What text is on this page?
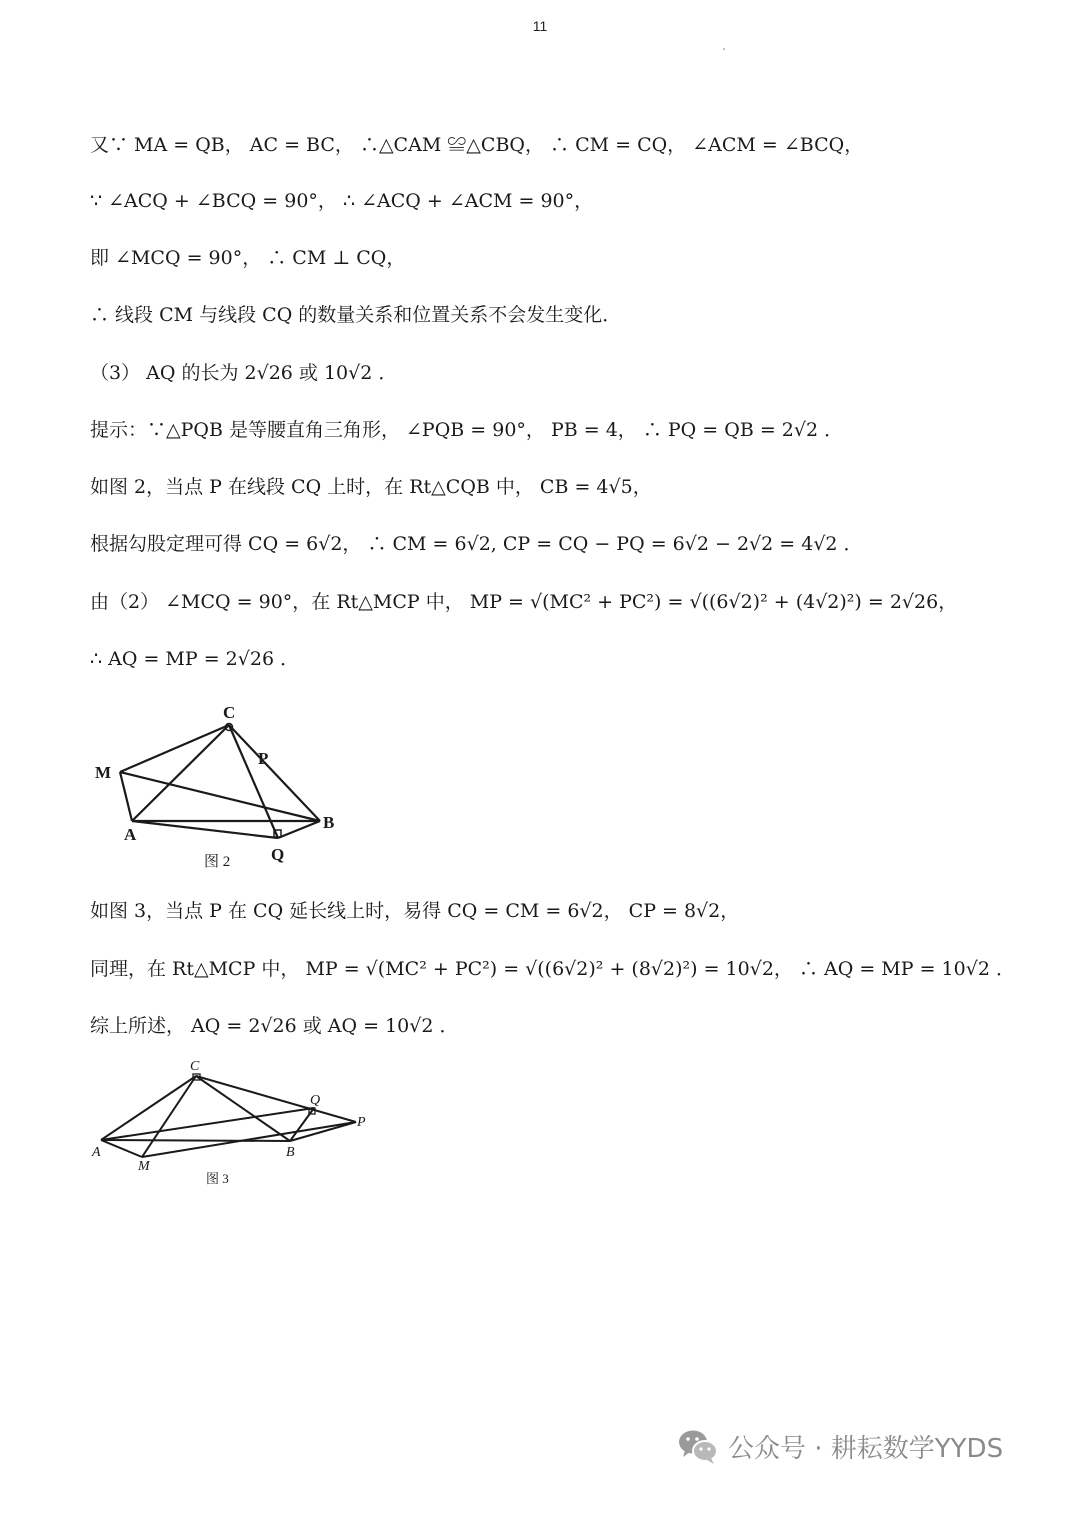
11
又∵ MA = QB， AC = BC， ∴△CAM ≌△CBQ， ∴ CM = CQ， ∠ACM = ∠BCQ，
∵ ∠ACQ + ∠BCQ = 90°， ∴ ∠ACQ + ∠ACM = 90°，
即 ∠MCQ = 90°， ∴ CM ⊥ CQ，
∴ 线段 CM 与线段 CQ 的数量关系和位置关系不会发生变化．
（3） AQ 的长为 2√26 或 10√2 ．
提示：∵△PQB 是等腰直角三角形， ∠PQB = 90°， PB = 4， ∴ PQ = QB = 2√2 ．
如图 2，当点 P 在线段 CQ 上时，在 Rt△CQB 中， CB = 4√5，
根据勾股定理可得 CQ = 6√2， ∴ CM = 6√2, CP = CQ − PQ = 6√2 − 2√2 = 4√2 ．
由（2） ∠MCQ = 90°，在 Rt△MCP 中， MP = √(MC² + PC²) = √((6√2)² + (4√2)²) = 2√26，
∴ AQ = MP = 2√26 ．
C
M
P
A
B
Q
图 2
如图 3，当点 P 在 CQ 延长线上时，易得 CQ = CM = 6√2， CP = 8√2，
同理，在 Rt△MCP 中， MP = √(MC² + PC²) = √((6√2)² + (8√2)²) = 10√2， ∴ AQ = MP = 10√2 ．
综上所述， AQ = 2√26 或 AQ = 10√2 ．
C
Q
P
A
M
B
图 3
公众号 · 耕耘数学YYDS
